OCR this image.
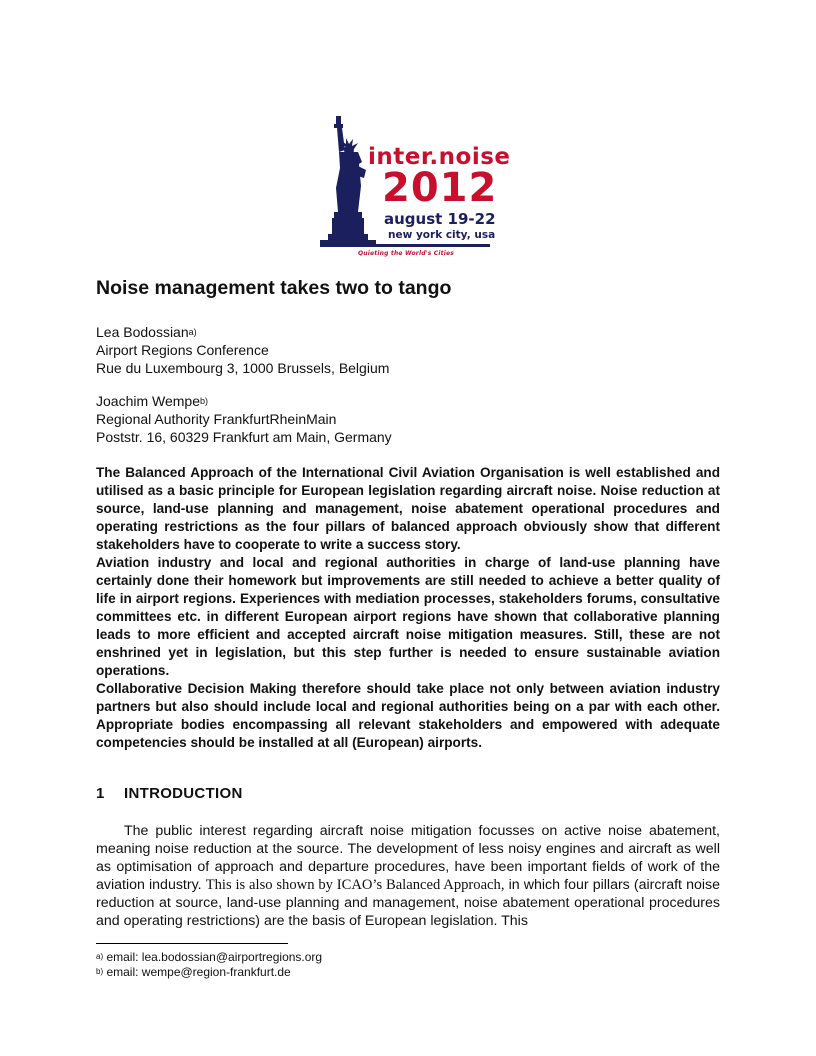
inter.noise
2012
august 19-22
new york city, usa
Quieting the World's Cities
Noise management takes two to tango
Lea Bodossian$^{a)}$
Airport Regions Conference
Rue du Luxembourg 3, 1000 Brussels, Belgium
Joachim Wempe$^{b)}$
Regional Authority FrankfurtRheinMain
Poststr. 16, 60329 Frankfurt am Main, Germany

The Balanced Approach of the International Civil Aviation Organisation is well established and utilised as a basic principle for European legislation regarding aircraft noise. Noise reduction at source, land-use planning and management, noise abatement operational procedures and operating restrictions as the four pillars of balanced approach obviously show that different stakeholders have to cooperate to write a success story.

Aviation industry and local and regional authorities in charge of land-use planning have certainly done their homework but improvements are still needed to achieve a better quality of life in airport regions. Experiences with mediation processes, stakeholders forums, consultative committees etc. in different European airport regions have shown that collaborative planning leads to more efficient and accepted aircraft noise mitigation measures. Still, these are not enshrined yet in legislation, but this step further is needed to ensure sustainable aviation operations.

Collaborative Decision Making therefore should take place not only between aviation industry partners but also should include local and regional authorities being on a par with each other. Appropriate bodies encompassing all relevant stakeholders and empowered with adequate competencies should be installed at all (European) airports.

1 INTRODUCTION

The public interest regarding aircraft noise mitigation focusses on active noise abatement, meaning noise reduction at the source. The development of less noisy engines and aircraft as well as optimisation of approach and departure procedures, have been important fields of work of the aviation industry. This is also shown by ICAO’s Balanced Approach, in which four pillars (aircraft noise reduction at source, land-use planning and management, noise abatement operational procedures and operating restrictions) are the basis of European legislation. This

$^{a)}$ email: lea.bodossian@airportregions.org
$^{b)}$ email: wempe@region-frankfurt.de
